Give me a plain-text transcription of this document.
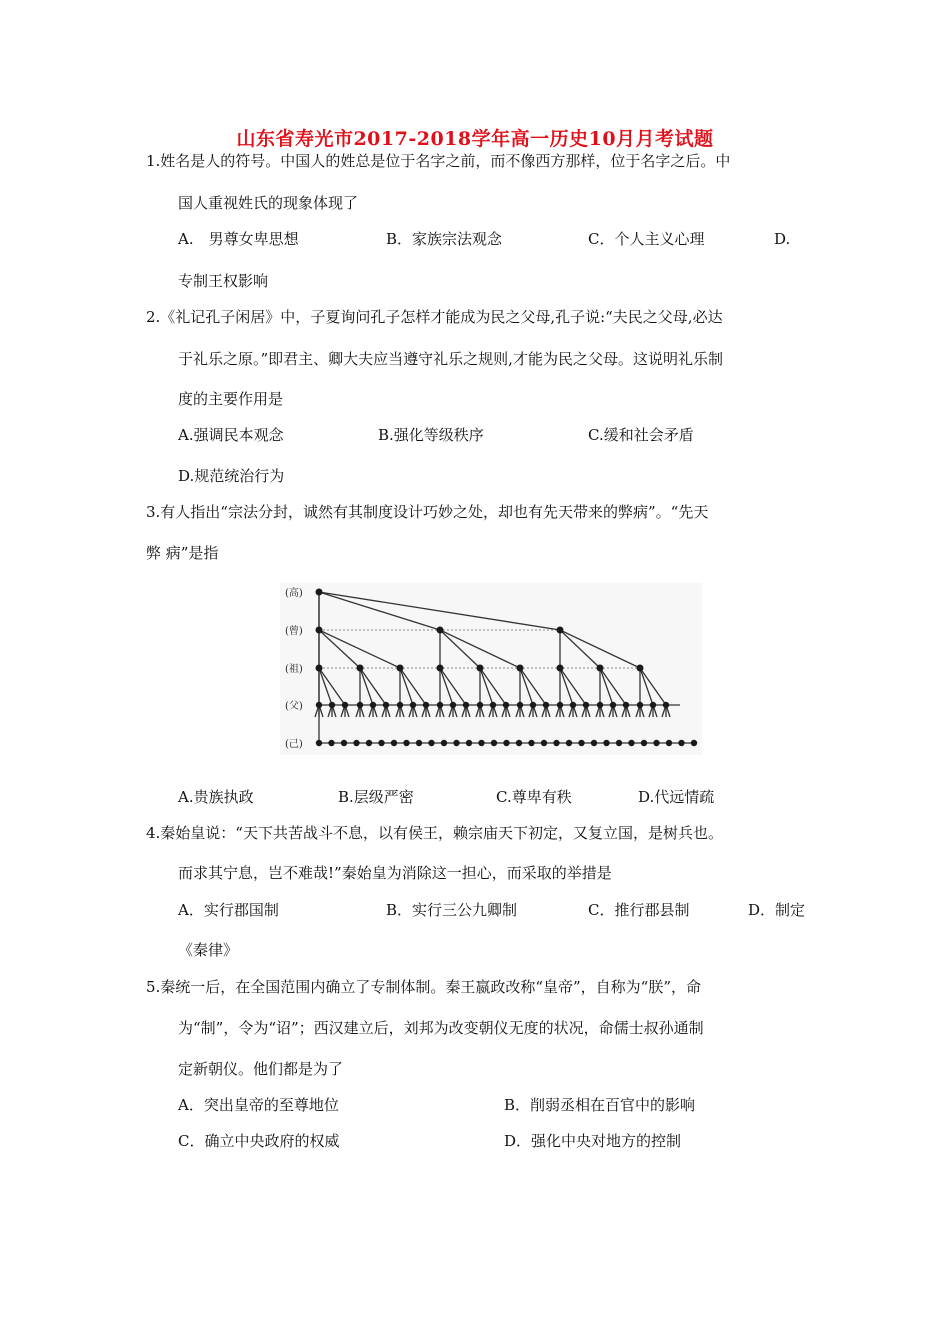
山东省寿光市2017-2018学年高一历史10月月考试题
1.姓名是人的符号。中国人的姓总是位于名字之前，而不像西方那样，位于名字之后。中
国人重视姓氏的现象体现了
A.　男尊女卑思想	B．家族宗法观念	C．个人主义心理	D.
专制王权影响
2.《礼记孔子闲居》中，子夏询问孔子怎样才能成为民之父母,孔子说:“夫民之父母,必达
于礼乐之原。”即君主、卿大夫应当遵守礼乐之规则,才能为民之父母。这说明礼乐制
度的主要作用是
A.强调民本观念	B.强化等级秩序	C.缓和社会矛盾
D.规范统治行为
3.有人指出“宗法分封，诚然有其制度设计巧妙之处，却也有先天带来的弊病”。“先天
弊 病”是指
(高)
(曾)
(祖)
(父)
(己)
A.贵族执政	B.层级严密	C.尊卑有秩	D.代远情疏
4.秦始皇说：“天下共苦战斗不息，以有侯王，赖宗庙天下初定，又复立国，是树兵也。
而求其宁息，岂不难哉!”秦始皇为消除这一担心，而采取的举措是
A．实行郡国制	B．实行三公九卿制	C．推行郡县制	D．制定
《秦律》
5.秦统一后，在全国范围内确立了专制体制。秦王嬴政改称“皇帝”，自称为“朕”，命
为“制”，令为“诏”；西汉建立后，刘邦为改变朝仪无度的状况，命儒士叔孙通制
定新朝仪。他们都是为了
A．突出皇帝的至尊地位	B．削弱丞相在百官中的影响
C．确立中央政府的权威	D．强化中央对地方的控制
